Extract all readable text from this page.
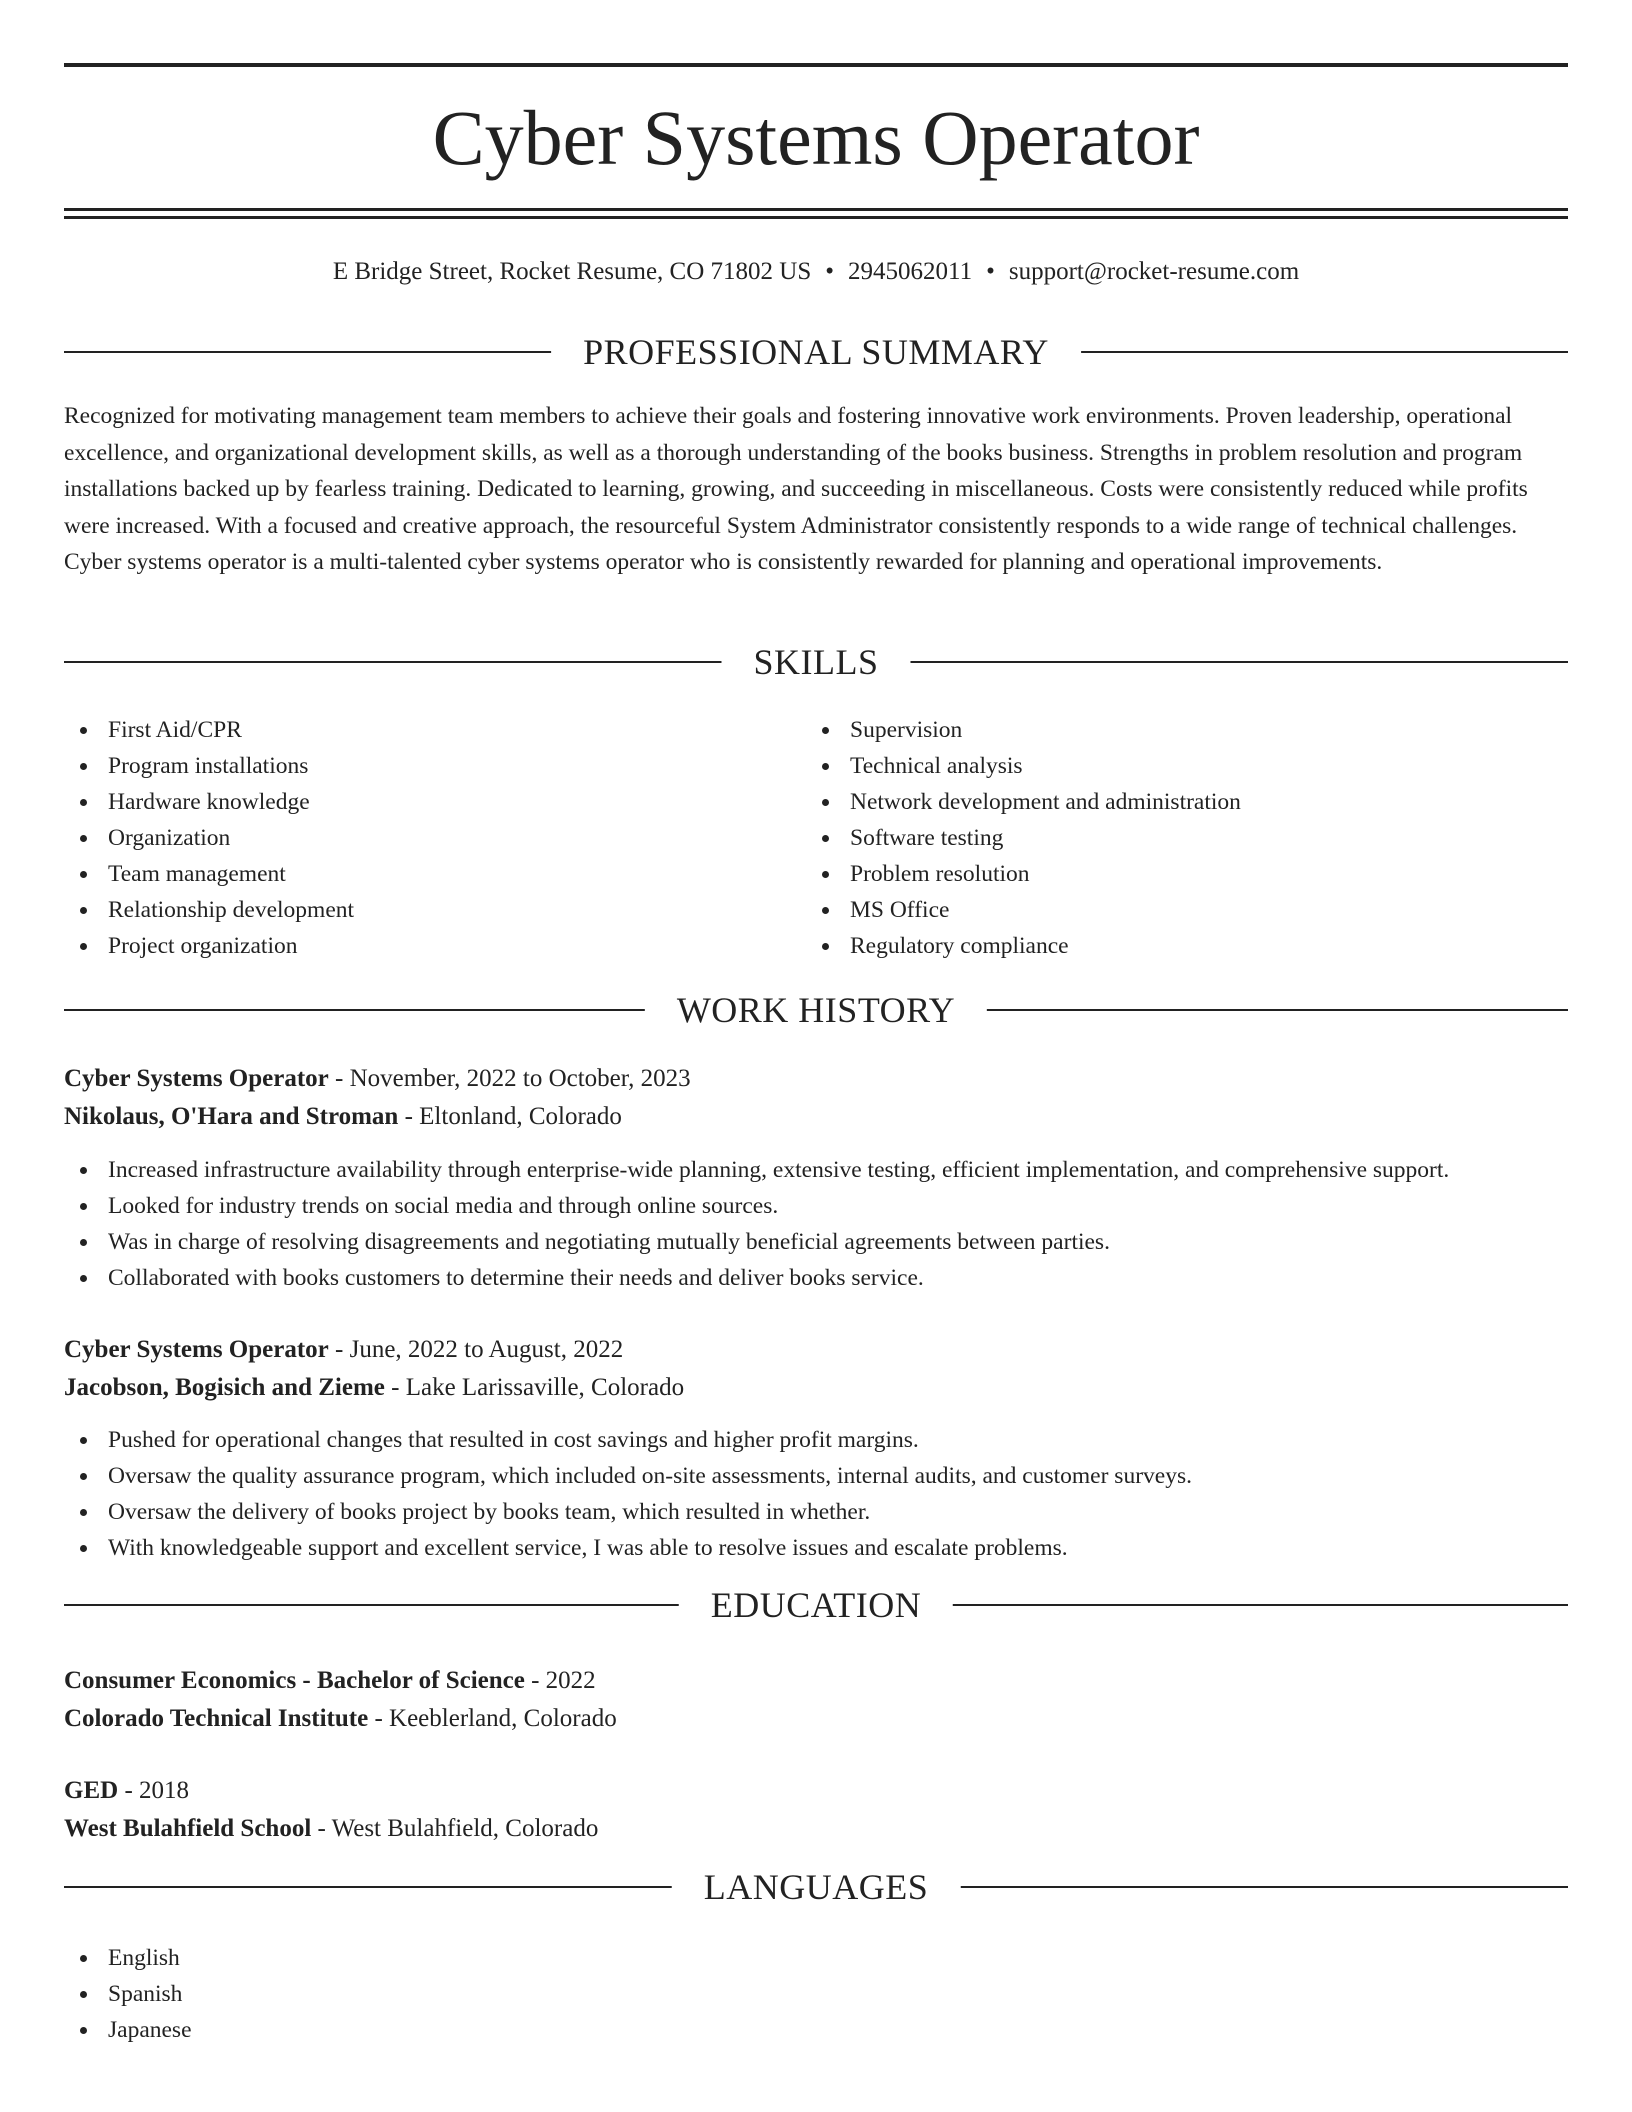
Cyber Systems Operator
E Bridge Street, Rocket Resume, CO 71802 US • 2945062011 • support@rocket-resume.com
PROFESSIONAL SUMMARY

Recognized for motivating management team members to achieve their goals and fostering innovative work environments. Proven leadership, operational excellence, and organizational development skills, as well as a thorough understanding of the books business. Strengths in problem resolution and program installations backed up by fearless training. Dedicated to learning, growing, and succeeding in miscellaneous. Costs were consistently reduced while profits were increased. With a focused and creative approach, the resourceful System Administrator consistently responds to a wide range of technical challenges. Cyber systems operator is a multi-talented cyber systems operator who is consistently rewarded for planning and operational improvements.

SKILLS
First Aid/CPR
Program installations
Hardware knowledge
Organization
Team management
Relationship development
Project organization
Supervision
Technical analysis
Network development and administration
Software testing
Problem resolution
MS Office
Regulatory compliance
WORK HISTORY
Cyber Systems Operator - November, 2022 to October, 2023
Nikolaus, O'Hara and Stroman - Eltonland, Colorado
Increased infrastructure availability through enterprise-wide planning, extensive testing, efficient implementation, and comprehensive support.
Looked for industry trends on social media and through online sources.
Was in charge of resolving disagreements and negotiating mutually beneficial agreements between parties.
Collaborated with books customers to determine their needs and deliver books service.
Cyber Systems Operator - June, 2022 to August, 2022
Jacobson, Bogisich and Zieme - Lake Larissaville, Colorado
Pushed for operational changes that resulted in cost savings and higher profit margins.
Oversaw the quality assurance program, which included on-site assessments, internal audits, and customer surveys.
Oversaw the delivery of books project by books team, which resulted in whether.
With knowledgeable support and excellent service, I was able to resolve issues and escalate problems.
EDUCATION
Consumer Economics - Bachelor of Science - 2022
Colorado Technical Institute - Keeblerland, Colorado
GED - 2018
West Bulahfield School - West Bulahfield, Colorado
LANGUAGES
English
Spanish
Japanese
